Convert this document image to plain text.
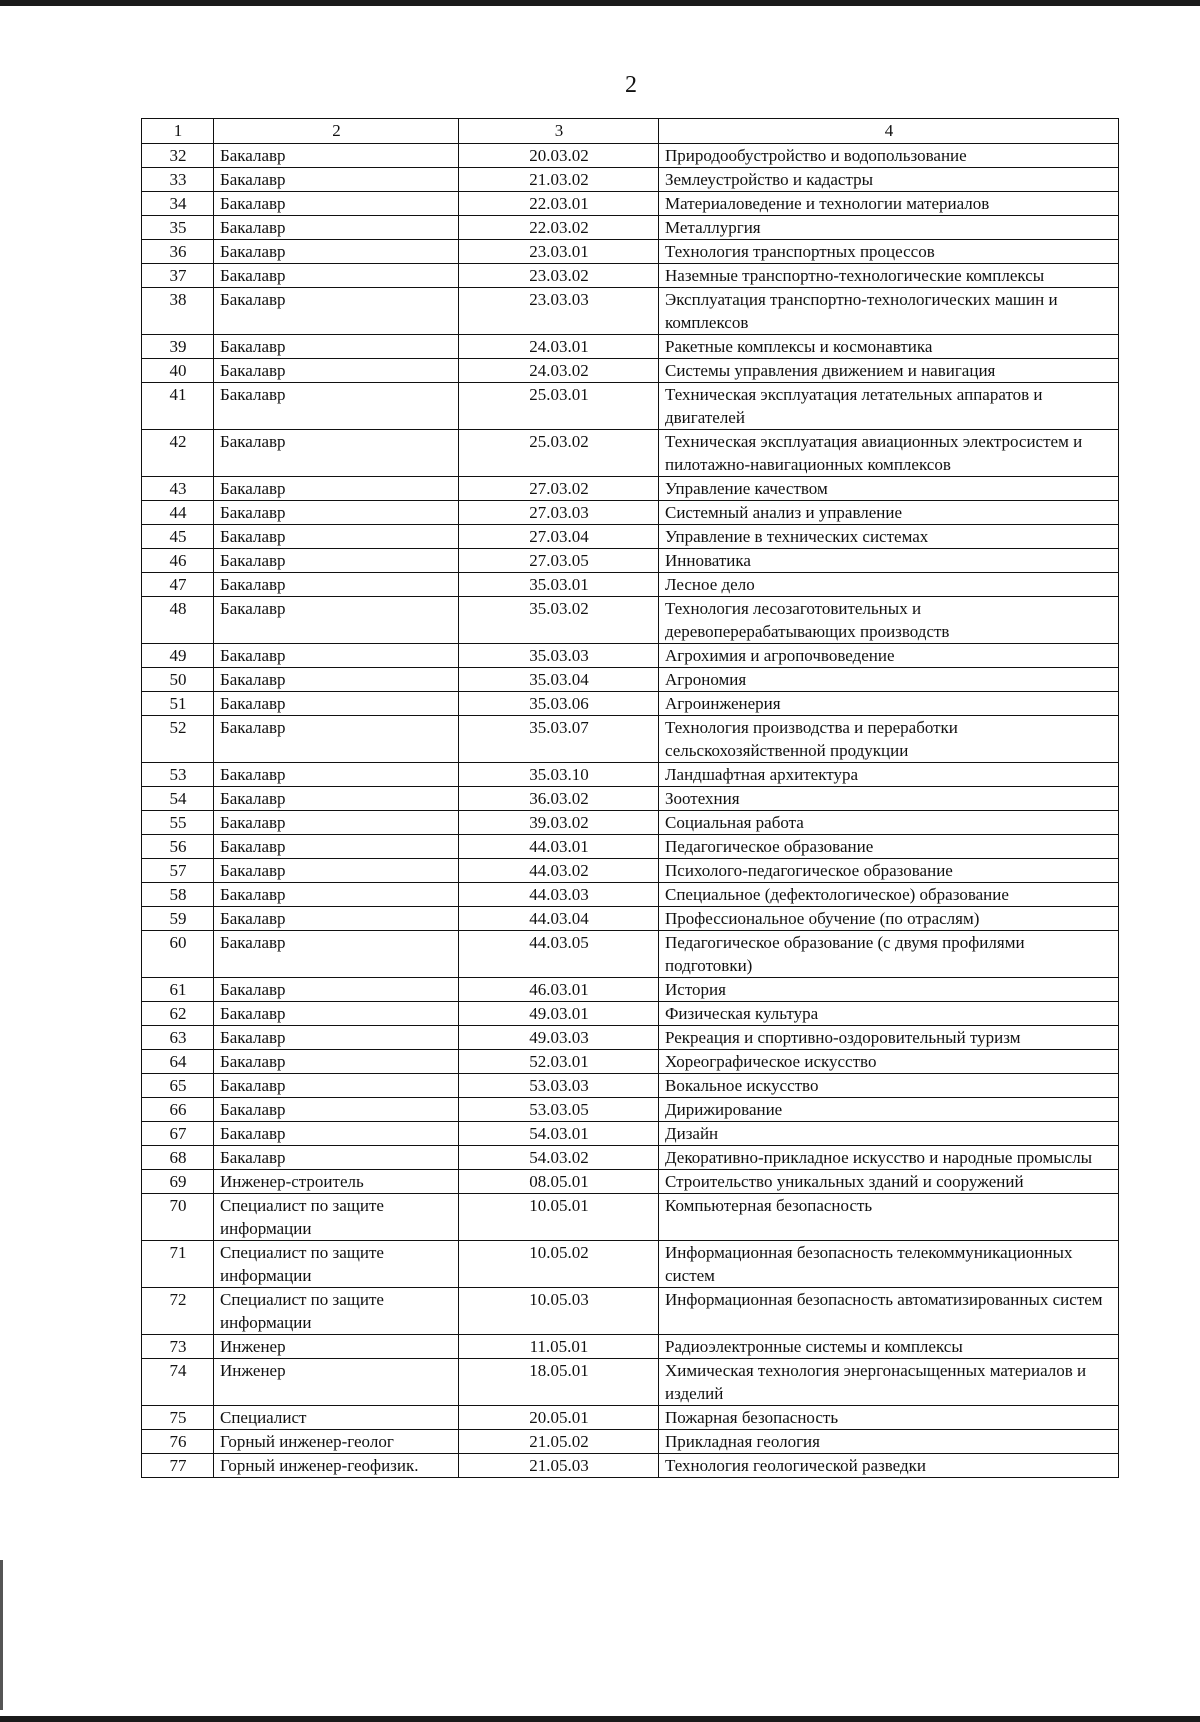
2
1	2	3	4
32	Бакалавр	20.03.02	Природообустройство и водопользование
33	Бакалавр	21.03.02	Землеустройство и кадастры
34	Бакалавр	22.03.01	Материаловедение и технологии материалов
35	Бакалавр	22.03.02	Металлургия
36	Бакалавр	23.03.01	Технология транспортных процессов
37	Бакалавр	23.03.02	Наземные транспортно-технологические комплексы
38	Бакалавр	23.03.03	Эксплуатация транспортно-технологических машин и комплексов
39	Бакалавр	24.03.01	Ракетные комплексы и космонавтика
40	Бакалавр	24.03.02	Системы управления движением и навигация
41	Бакалавр	25.03.01	Техническая эксплуатация летательных аппаратов и двигателей
42	Бакалавр	25.03.02	Техническая эксплуатация авиационных электросистем и пилотажно-навигационных комплексов
43	Бакалавр	27.03.02	Управление качеством
44	Бакалавр	27.03.03	Системный анализ и управление
45	Бакалавр	27.03.04	Управление в технических системах
46	Бакалавр	27.03.05	Инноватика
47	Бакалавр	35.03.01	Лесное дело
48	Бакалавр	35.03.02	Технология лесозаготовительных и деревоперерабатывающих производств
49	Бакалавр	35.03.03	Агрохимия и агропочвоведение
50	Бакалавр	35.03.04	Агрономия
51	Бакалавр	35.03.06	Агроинженерия
52	Бакалавр	35.03.07	Технология производства и переработки сельскохозяйственной продукции
53	Бакалавр	35.03.10	Ландшафтная архитектура
54	Бакалавр	36.03.02	Зоотехния
55	Бакалавр	39.03.02	Социальная работа
56	Бакалавр	44.03.01	Педагогическое образование
57	Бакалавр	44.03.02	Психолого-педагогическое образование
58	Бакалавр	44.03.03	Специальное (дефектологическое) образование
59	Бакалавр	44.03.04	Профессиональное обучение (по отраслям)
60	Бакалавр	44.03.05	Педагогическое образование (с двумя профилями подготовки)
61	Бакалавр	46.03.01	История
62	Бакалавр	49.03.01	Физическая культура
63	Бакалавр	49.03.03	Рекреация и спортивно-оздоровительный туризм
64	Бакалавр	52.03.01	Хореографическое искусство
65	Бакалавр	53.03.03	Вокальное искусство
66	Бакалавр	53.03.05	Дирижирование
67	Бакалавр	54.03.01	Дизайн
68	Бакалавр	54.03.02	Декоративно-прикладное искусство и народные промыслы
69	Инженер-строитель	08.05.01	Строительство уникальных зданий и сооружений
70	Специалист по защите информации	10.05.01	Компьютерная безопасность
71	Специалист по защите информации	10.05.02	Информационная безопасность телекоммуникационных систем
72	Специалист по защите информации	10.05.03	Информационная безопасность автоматизированных систем
73	Инженер	11.05.01	Радиоэлектронные системы и комплексы
74	Инженер	18.05.01	Химическая технология энергонасыщенных материалов и изделий
75	Специалист	20.05.01	Пожарная безопасность
76	Горный инженер-геолог	21.05.02	Прикладная геология
77	Горный инженер-геофизик.	21.05.03	Технология геологической разведки
